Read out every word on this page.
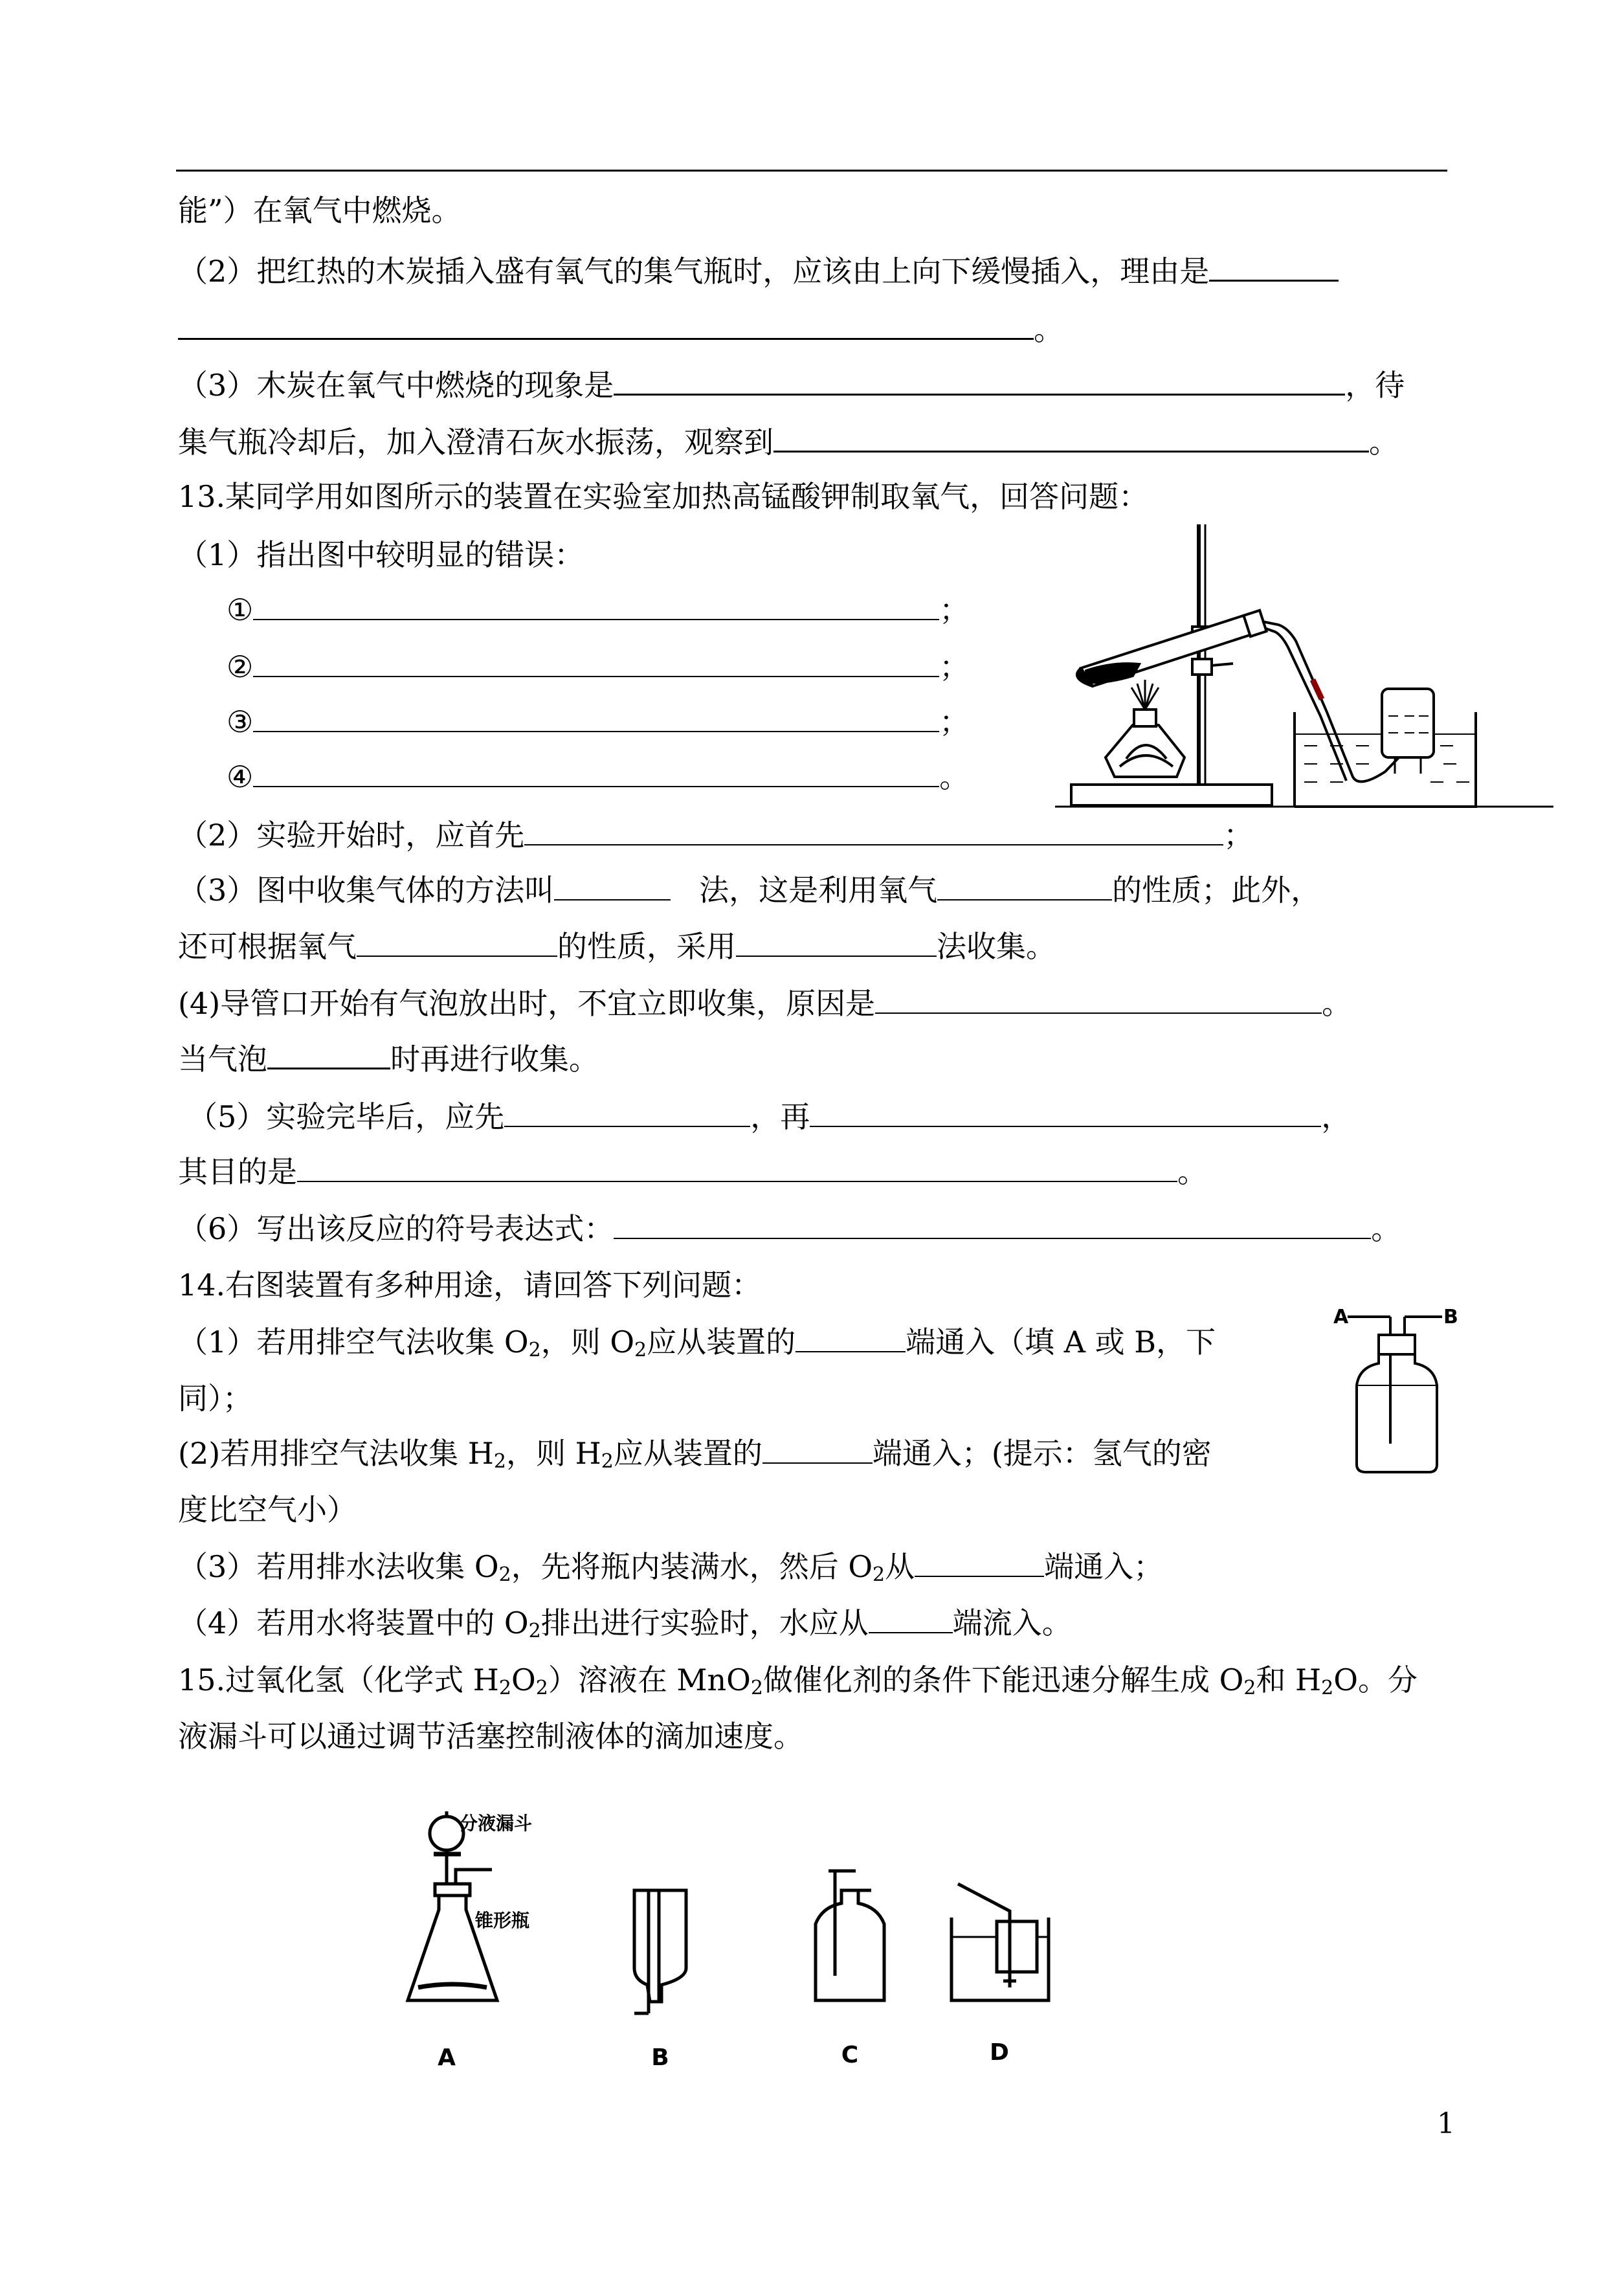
能”）在氧气中燃烧。
（2）把红热的木炭插入盛有氧气的集气瓶时，应该由上向下缓慢插入，理由是
。
（3）木炭在氧气中燃烧的现象是	，待
集气瓶冷却后，加入澄清石灰水振荡，观察到	。
13.某同学用如图所示的装置在实验室加热高锰酸钾制取氧气，回答问题：
（1）指出图中较明显的错误：
①	；
②	；
③	；
④	。
（2）实验开始时，应首先	；
（3）图中收集气体的方法叫	法，这是利用氧气	的性质；此外，
还可根据氧气	的性质，采用	法收集。
(4)导管口开始有气泡放出时，不宜立即收集，原因是	。
当气泡	时再进行收集。
（5）实验完毕后，应先	，再	，
其目的是	。
（6）写出该反应的符号表达式：	。
14.右图装置有多种用途，请回答下列问题：
（1）若用排空气法收集 $O_2$，则 $O_2$应从装置的	端通入（填 A 或 B，下
同）；
(2)若用排空气法收集 $H_2$，则 $H_2$应从装置的	端通入；(提示：氢气的密
度比空气小）
（3）若用排水法收集 $O_2$，先将瓶内装满水，然后 $O_2$从	端通入；
（4）若用水将装置中的 $O_2$排出进行实验时，水应从	端流入。
15.过氧化氢（化学式 $H_2O_2$）溶液在 MnO$_2$做催化剂的条件下能迅速分解生成 $O_2$和 $H_2O$。分
液漏斗可以通过调节活塞控制液体的滴加速度。
A	B
分液漏斗
锥形瓶
A	B	C	D
1
